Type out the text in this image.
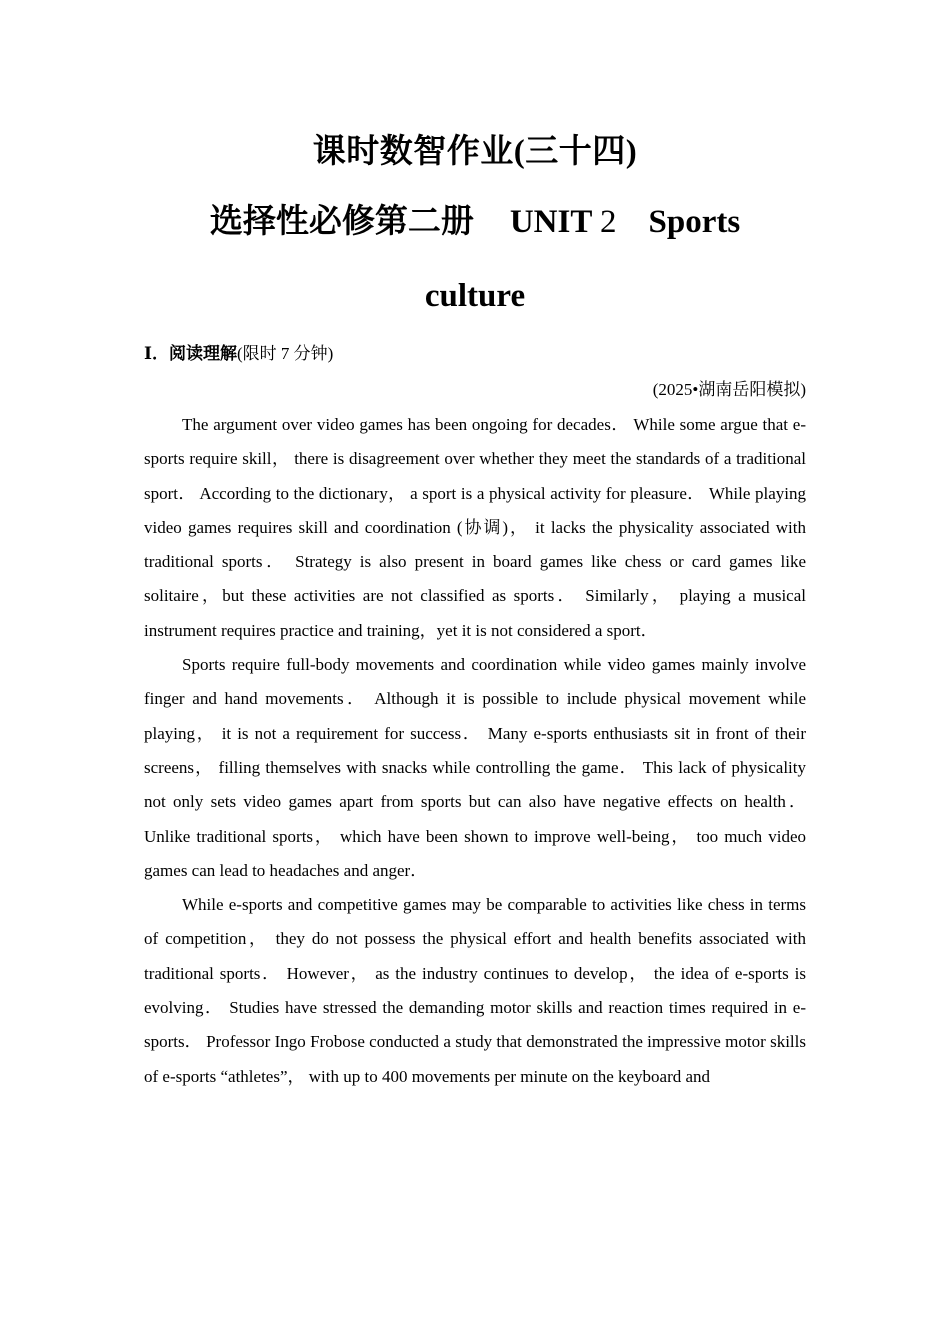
课时数智作业(三十四)
选择性必修第二册 UNIT 2 Sports
culture
Ⅰ．阅读理解(限时 7 分钟)
(2025•湖南岳阳模拟)

The argument over video games has been ongoing for decades． While some argue that e-sports require skill， there is disagreement over whether they meet the standards of a traditional sport． According to the dictionary， a sport is a physical activity for pleasure． While playing video games requires skill and coordination (协调)， it lacks the physicality associated with traditional sports． Strategy is also present in board games like chess or card games like solitaire，but these activities are not classified as sports． Similarly， playing a musical instrument requires practice and training，yet it is not considered a sport．

Sports require full-body movements and coordination while video games mainly involve finger and hand movements． Although it is possible to include physical movement while playing， it is not a requirement for success． Many e-sports enthusiasts sit in front of their screens， filling themselves with snacks while controlling the game． This lack of physicality not only sets video games apart from sports but can also have negative effects on health． Unlike traditional sports， which have been shown to improve well-being， too much video games can lead to headaches and anger．

While e-sports and competitive games may be comparable to activities like chess in terms of competition， they do not possess the physical effort and health benefits associated with traditional sports． However， as the industry continues to develop， the idea of e-sports is evolving． Studies have stressed the demanding motor skills and reaction times required in e-sports． Professor Ingo Frobose conducted a study that demonstrated the impressive motor skills of e-sports “athletes”， with up to 400 movements per minute on the keyboard and
